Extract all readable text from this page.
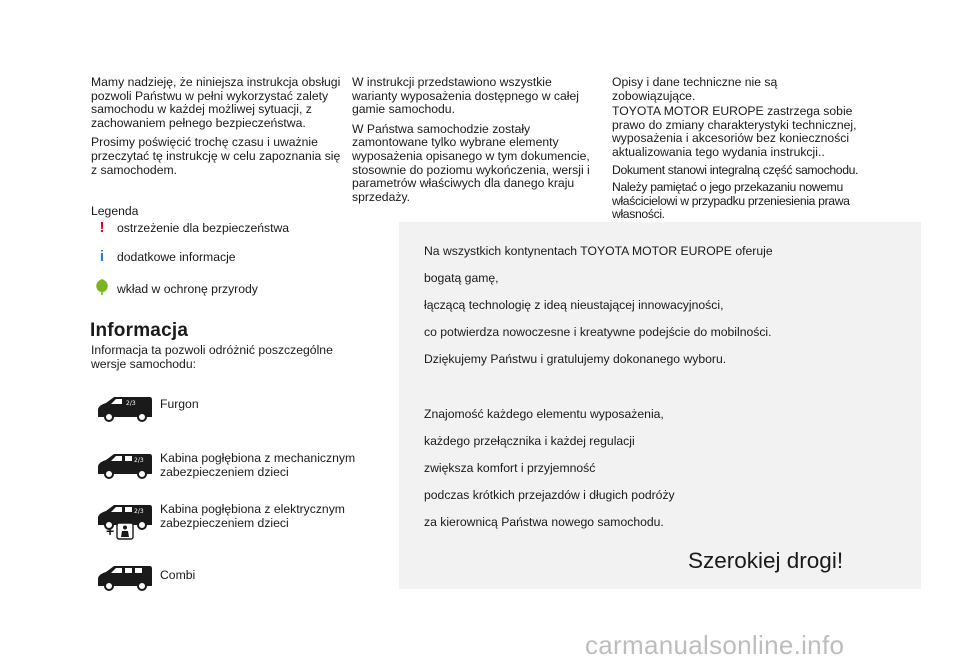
Mamy nadzieję, że niniejsza instrukcja obsługi pozwoli Państwu w pełni wykorzystać zalety samochodu w każdej możliwej sytuacji, z zachowaniem pełnego bezpieczeństwa.

Prosimy poświęcić trochę czasu i uważnie przeczytać tę instrukcję w celu zapoznania się z samochodem.

W instrukcji przedstawiono wszystkie warianty wyposażenia dostępnego w całej gamie samochodu.

W Państwa samochodzie zostały zamontowane tylko wybrane elementy wyposażenia opisanego w tym dokumencie, stosownie do poziomu wykończenia, wersji i parametrów właściwych dla danego kraju sprzedaży.

Opisy i dane techniczne nie są zobowiązujące.

TOYOTA MOTOR EUROPE zastrzega sobie prawo do zmiany charakterystyki technicznej, wyposażenia i akcesoriów bez konieczności aktualizowania tego wydania instrukcji..

Dokument stanowi integralną część samochodu.

Należy pamiętać o jego przekazaniu nowemu właścicielowi w przypadku przeniesienia prawa własności.

Legenda
!	ostrzeżenie dla bezpieczeństwa
i	dodatkowe informacje
wkład w ochronę przyrody
Informacja
Informacja ta pozwoli odróżnić poszczególne wersje samochodu:
2/3 Furgon
2/3 Kabina pogłębiona z mechanicznym zabezpieczeniem dzieci
2/3 Kabina pogłębiona z elektrycznym zabezpieczeniem dzieci
+
Combi
Na wszystkich kontynentach TOYOTA MOTOR EUROPE oferuje
bogatą gamę,
łączącą technologię z ideą nieustającej innowacyjności,
co potwierdza nowoczesne i kreatywne podejście do mobilności.
Dziękujemy Państwu i gratulujemy dokonanego wyboru.
Znajomość każdego elementu wyposażenia,
każdego przełącznika i każdej regulacji
zwiększa komfort i przyjemność
podczas krótkich przejazdów i długich podróży
za kierownicą Państwa nowego samochodu.
Szerokiej drogi!
carmanualsonline.info
